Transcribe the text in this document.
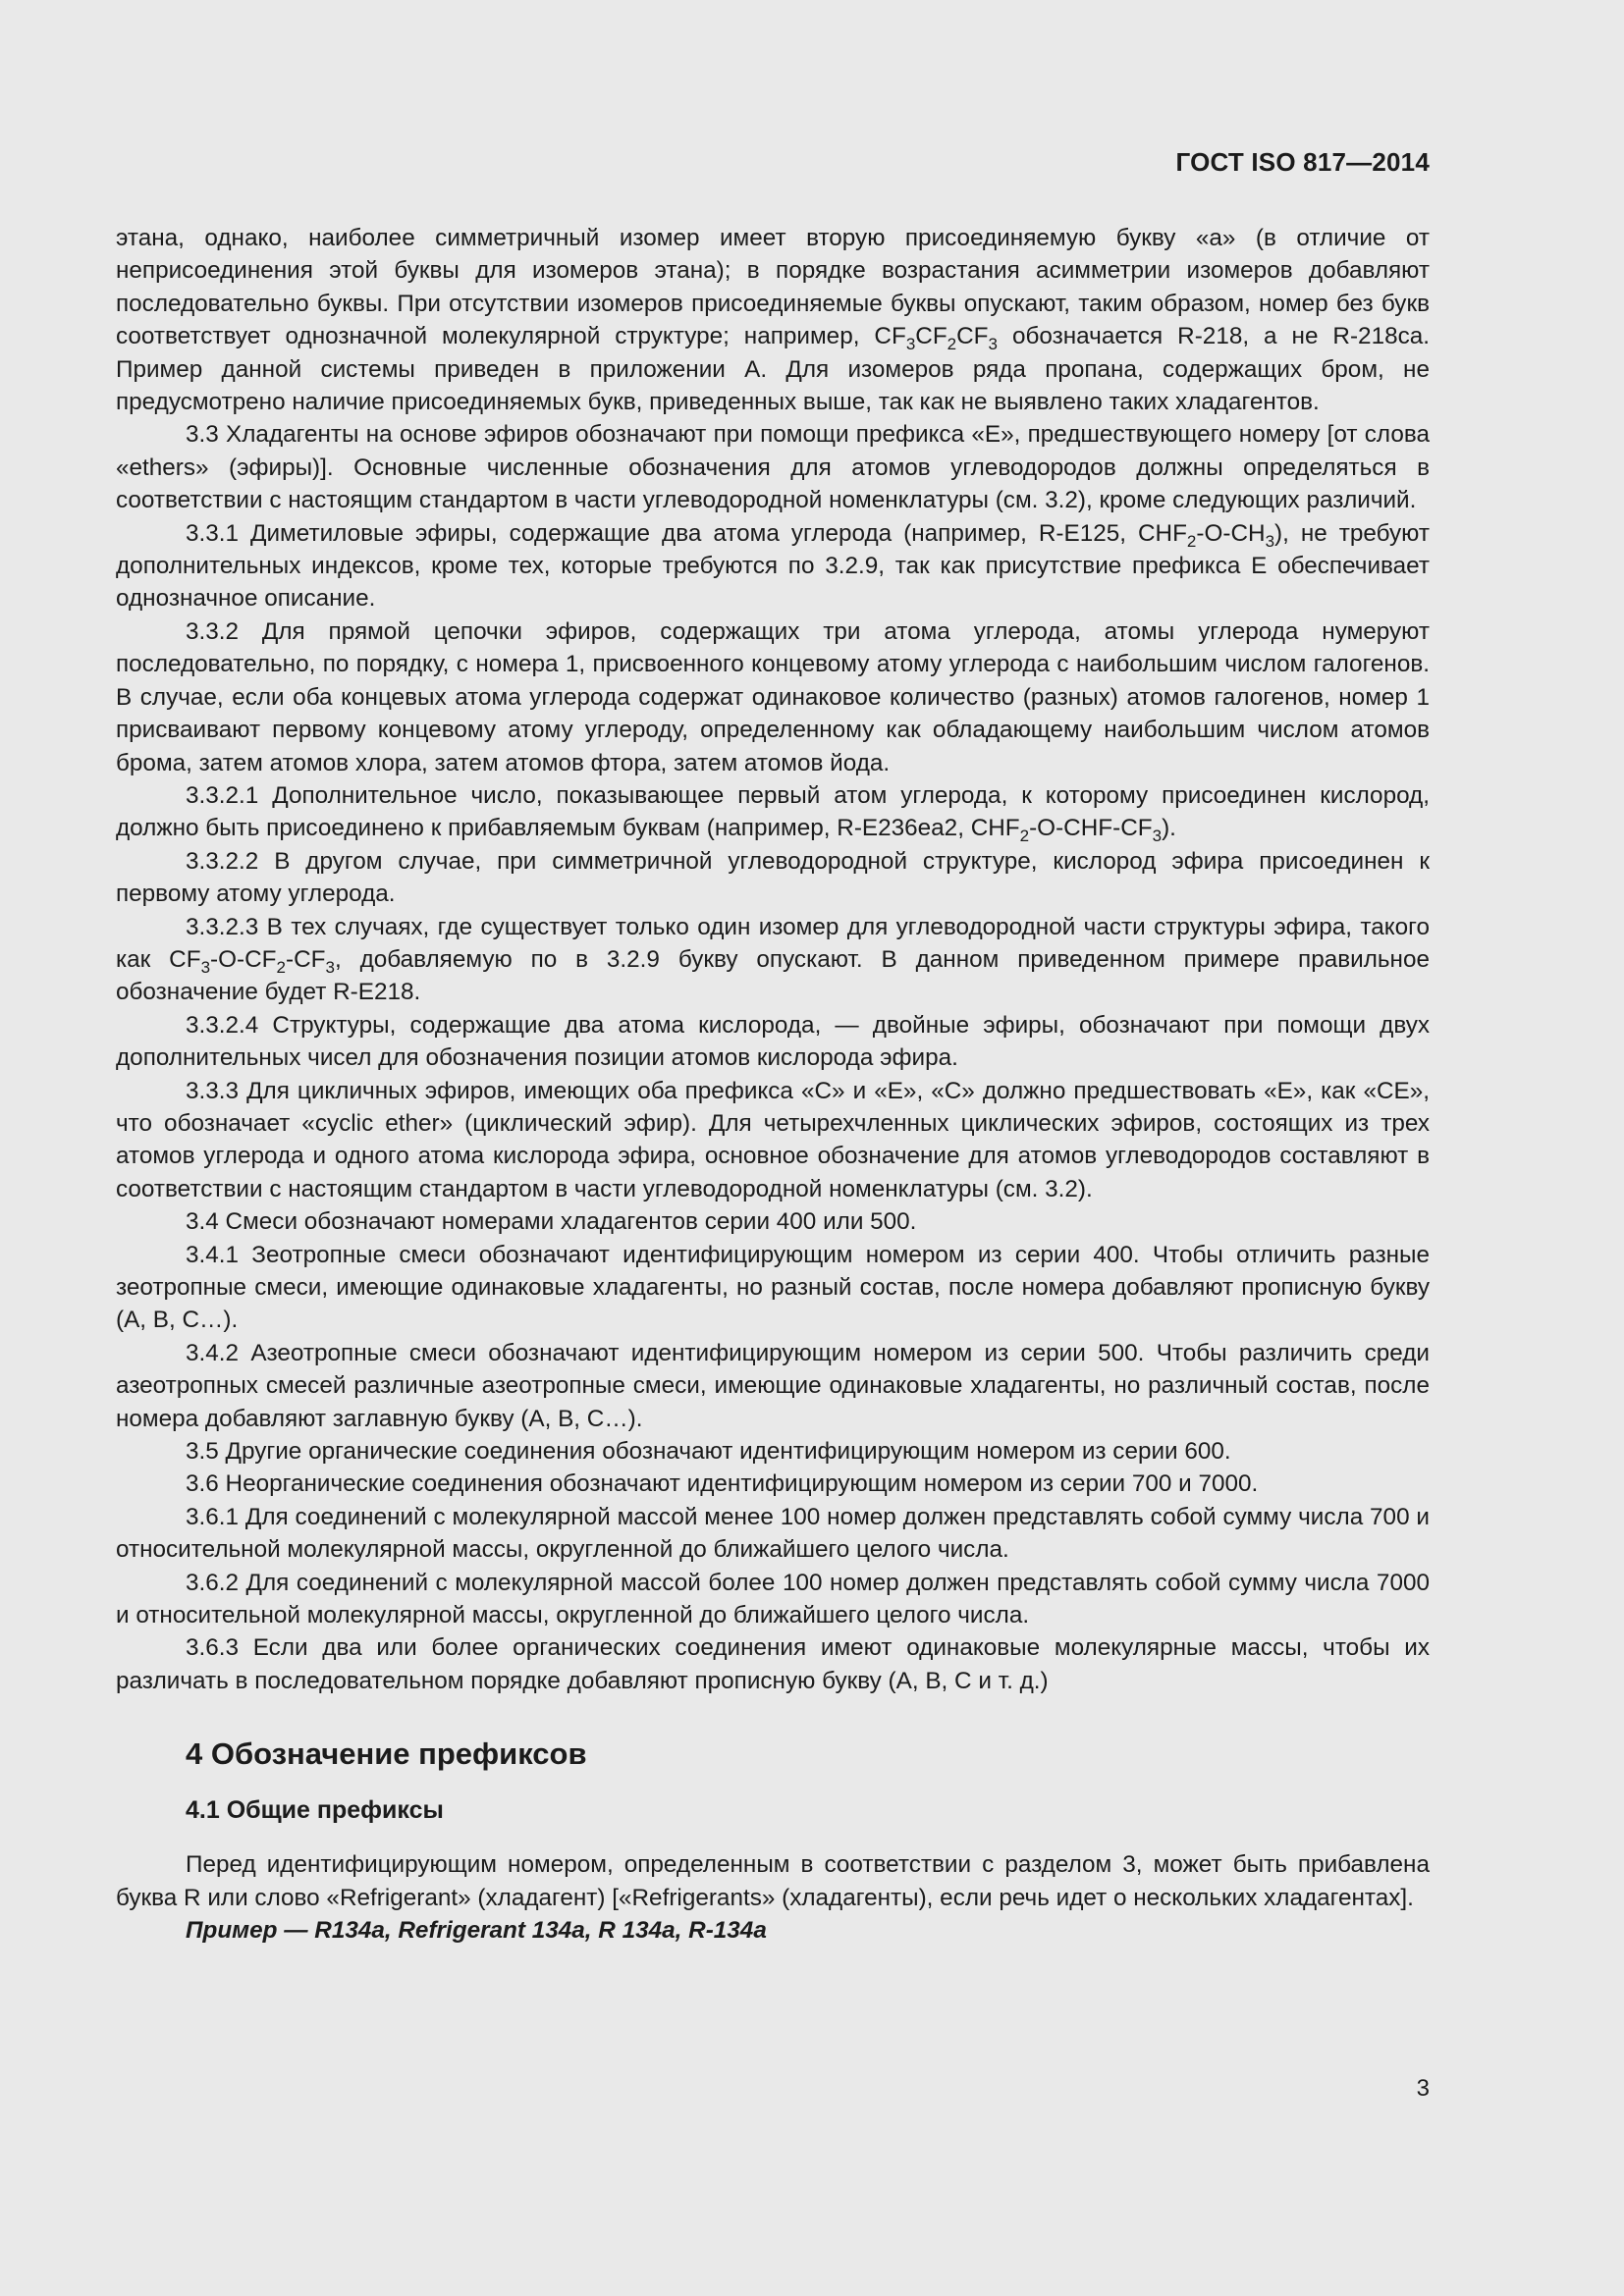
ГОСТ ISO 817—2014

этана, однако, наиболее симметричный изомер имеет вторую присоединяемую букву «а» (в отличие от неприсоединения этой буквы для изомеров этана); в порядке возрастания асимметрии изомеров добавляют последовательно буквы. При отсутствии изомеров присоединяемые буквы опускают, таким образом, номер без букв соответствует однозначной молекулярной структуре; например, $CF_3CF_2CF_3$ обозначается R-218, а не R-218ca. Пример данной системы приведен в приложении А. Для изомеров ряда пропана, содержащих бром, не предусмотрено наличие присоединяемых букв, приведенных выше, так как не выявлено таких хладагентов.

3.3 Хладагенты на основе эфиров обозначают при помощи префикса «Е», предшествующего номеру [от слова «ethers» (эфиры)]. Основные численные обозначения для атомов углеводородов должны определяться в соответствии с настоящим стандартом в части углеводородной номенклатуры (см. 3.2), кроме следующих различий.

3.3.1 Диметиловые эфиры, содержащие два атома углерода (например, R-E125, $CHF_2-O-CH_3$), не требуют дополнительных индексов, кроме тех, которые требуются по 3.2.9, так как присутствие префикса Е обеспечивает однозначное описание.

3.3.2 Для прямой цепочки эфиров, содержащих три атома углерода, атомы углерода нумеруют последовательно, по порядку, с номера 1, присвоенного концевому атому углерода с наибольшим числом галогенов. В случае, если оба концевых атома углерода содержат одинаковое количество (разных) атомов галогенов, номер 1 присваивают первому концевому атому углероду, определенному как обладающему наибольшим числом атомов брома, затем атомов хлора, затем атомов фтора, затем атомов йода.

3.3.2.1 Дополнительное число, показывающее первый атом углерода, к которому присоединен кислород, должно быть присоединено к прибавляемым буквам (например, R-E236ea2, $CHF_2-O-CHF-CF_3$).

3.3.2.2 В другом случае, при симметричной углеводородной структуре, кислород эфира присоединен к первому атому углерода.

3.3.2.3 В тех случаях, где существует только один изомер для углеводородной части структуры эфира, такого как $CF_3-O-CF_2-CF_3$, добавляемую по в 3.2.9 букву опускают. В данном приведенном примере правильное обозначение будет R-E218.

3.3.2.4 Структуры, содержащие два атома кислорода, — двойные эфиры, обозначают при помощи двух дополнительных чисел для обозначения позиции атомов кислорода эфира.

3.3.3 Для цикличных эфиров, имеющих оба префикса «С» и «Е», «С» должно предшествовать «Е», как «СЕ», что обозначает «cyclic ether» (циклический эфир). Для четырехчленных циклических эфиров, состоящих из трех атомов углерода и одного атома кислорода эфира, основное обозначение для атомов углеводородов составляют в соответствии с настоящим стандартом в части углеводородной номенклатуры (см. 3.2).

3.4 Смеси обозначают номерами хладагентов серии 400 или 500.

3.4.1 Зеотропные смеси обозначают идентифицирующим номером из серии 400. Чтобы отличить разные зеотропные смеси, имеющие одинаковые хладагенты, но разный состав, после номера добавляют прописную букву (А, В, С…).

3.4.2 Азеотропные смеси обозначают идентифицирующим номером из серии 500. Чтобы различить среди азеотропных смесей различные азеотропные смеси, имеющие одинаковые хладагенты, но различный состав, после номера добавляют заглавную букву (А, В, С…).

3.5 Другие органические соединения обозначают идентифицирующим номером из серии 600.

3.6 Неорганические соединения обозначают идентифицирующим номером из серии 700 и 7000.

3.6.1 Для соединений с молекулярной массой менее 100 номер должен представлять собой сумму числа 700 и относительной молекулярной массы, округленной до ближайшего целого числа.

3.6.2 Для соединений с молекулярной массой более 100 номер должен представлять собой сумму числа 7000 и относительной молекулярной массы, округленной до ближайшего целого числа.

3.6.3 Если два или более органических соединения имеют одинаковые молекулярные массы, чтобы их различать в последовательном порядке добавляют прописную букву (А, В, С и т. д.)

4 Обозначение префиксов
4.1 Общие префиксы

Перед идентифицирующим номером, определенным в соответствии с разделом 3, может быть прибавлена буква R или слово «Refrigerant» (хладагент) [«Refrigerants» (хладагенты), если речь идет о нескольких хладагентах].

Пример — R134a, Refrigerant 134a, R 134a, R-134a

3
